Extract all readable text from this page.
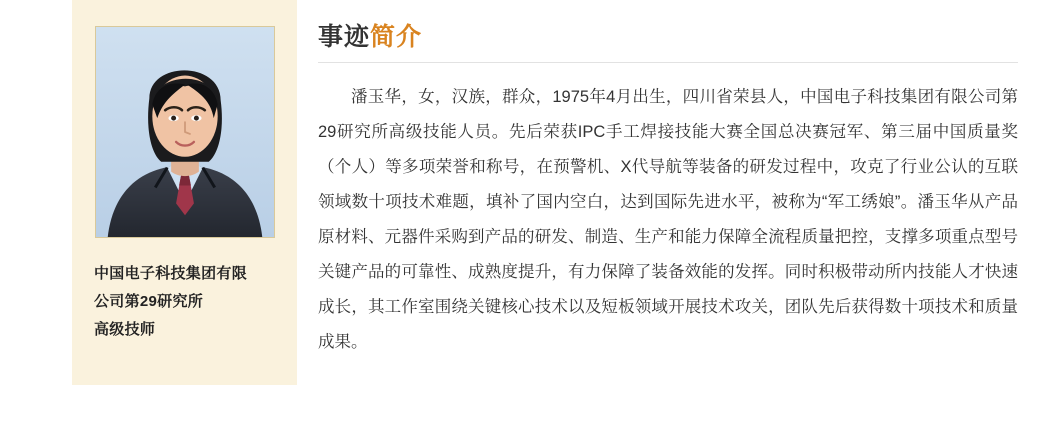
中国电子科技集团有限
公司第29研究所
高级技师
事迹简介

潘玉华，女，汉族，群众，1975年4月出生，四川省荣县人，中国电子科技集团有限公司第29研究所高级技能人员。先后荣获IPC手工焊接技能大赛全国总决赛冠军、第三届中国质量奖（个人）等多项荣誉和称号，在预警机、X代导航等装备的研发过程中，攻克了行业公认的互联领域数十项技术难题，填补了国内空白，达到国际先进水平，被称为“军工绣娘”。潘玉华从产品原材料、元器件采购到产品的研发、制造、生产和能力保障全流程质量把控，支撑多项重点型号关键产品的可靠性、成熟度提升，有力保障了装备效能的发挥。同时积极带动所内技能人才快速成长，其工作室围绕关键核心技术以及短板领域开展技术攻关，团队先后获得数十项技术和质量成果。
